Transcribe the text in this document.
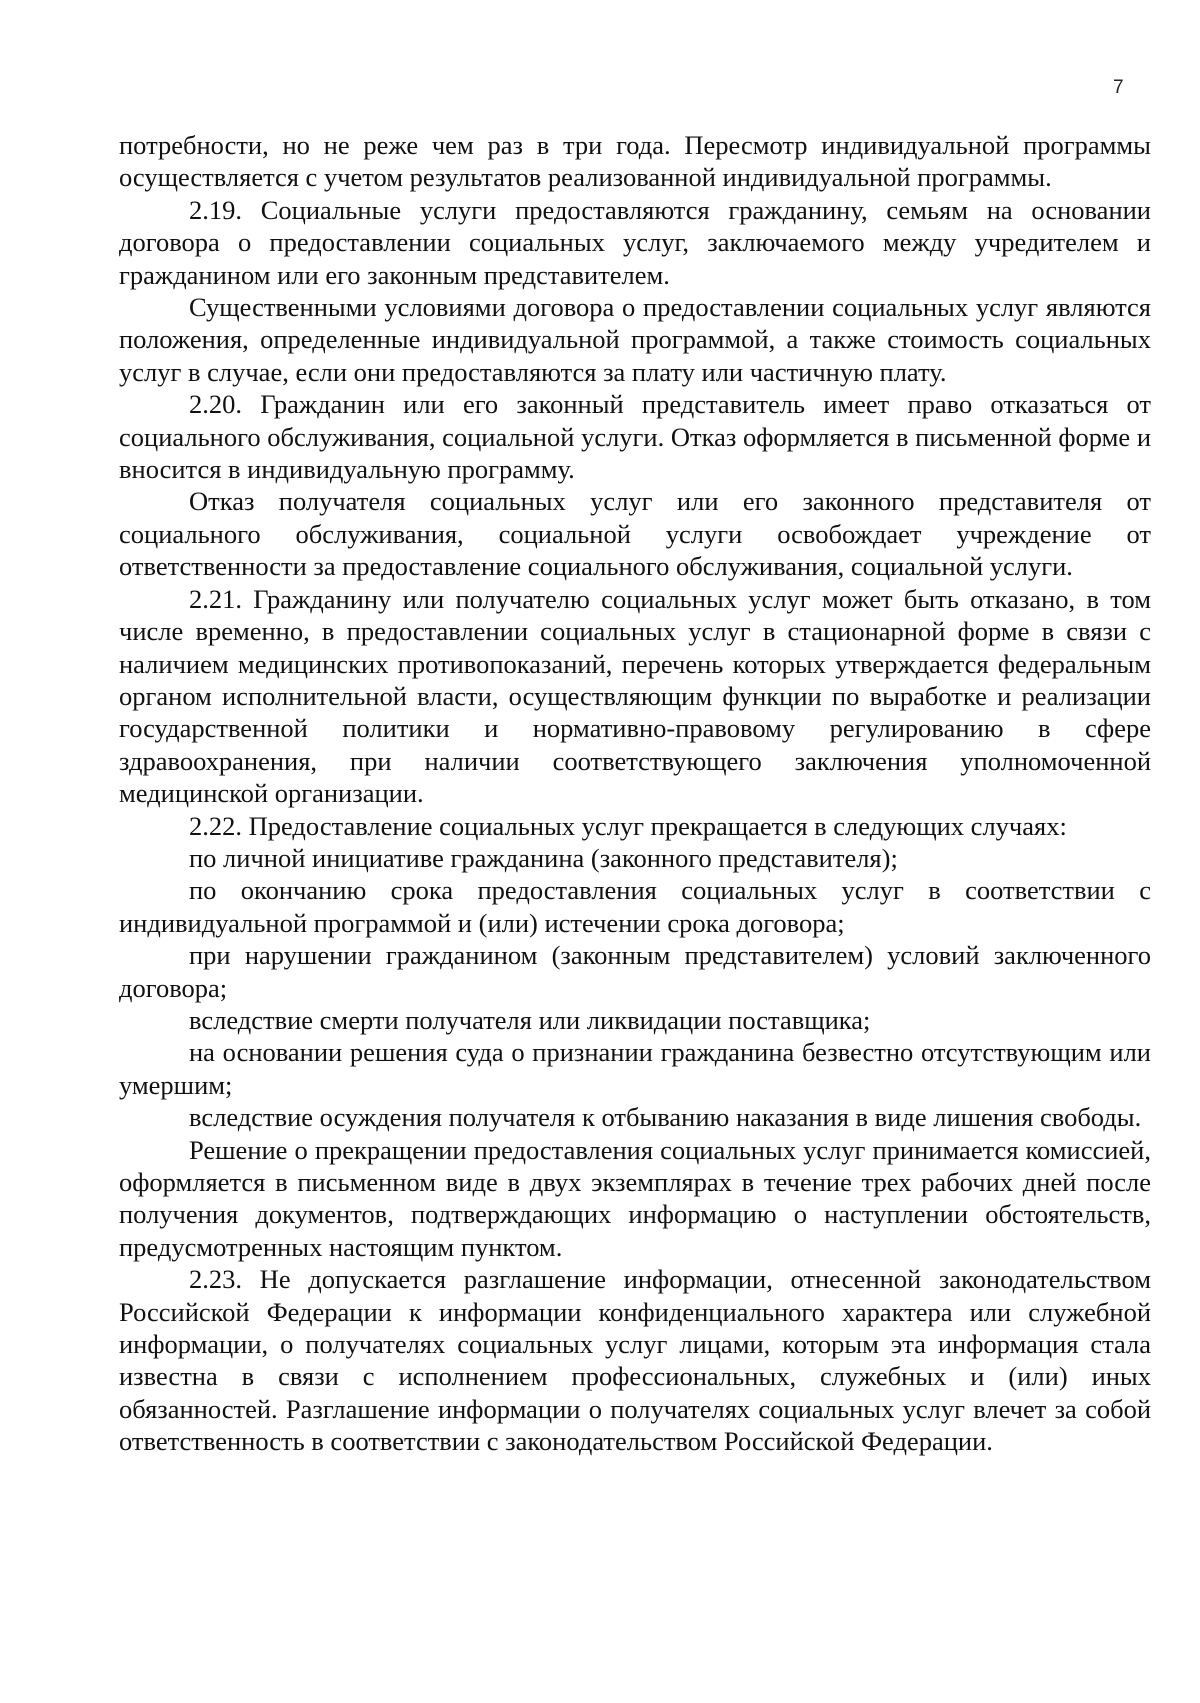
7

потребности, но не реже чем раз в три года. Пересмотр индивидуальной программы осуществляется с учетом результатов реализованной индивидуальной программы.

2.19. Социальные услуги предоставляются гражданину, семьям на основании договора о предоставлении социальных услуг, заключаемого между учредителем и гражданином или его законным представителем.

Существенными условиями договора о предоставлении социальных услуг являются положения, определенные индивидуальной программой, а также стоимость социальных услуг в случае, если они предоставляются за плату или частичную плату.

2.20. Гражданин или его законный представитель имеет право отказаться от социального обслуживания, социальной услуги. Отказ оформляется в письменной форме и вносится в индивидуальную программу.

Отказ получателя социальных услуг или его законного представителя от социального обслуживания, социальной услуги освобождает учреждение от ответственности за предоставление социального обслуживания, социальной услуги.

2.21. Гражданину или получателю социальных услуг может быть отказано, в том числе временно, в предоставлении социальных услуг в стационарной форме в связи с наличием медицинских противопоказаний, перечень которых утверждается федеральным органом исполнительной власти, осуществляющим функции по выработке и реализации государственной политики и нормативно-правовому регулированию в сфере здравоохранения, при наличии соответствующего заключения уполномоченной медицинской организации.

2.22. Предоставление социальных услуг прекращается в следующих случаях:

по личной инициативе гражданина (законного представителя);

по окончанию срока предоставления социальных услуг в соответствии с индивидуальной программой и (или) истечении срока договора;

при нарушении гражданином (законным представителем) условий заключенного договора;

вследствие смерти получателя или ликвидации поставщика;

на основании решения суда о признании гражданина безвестно отсутствующим или умершим;

вследствие осуждения получателя к отбыванию наказания в виде лишения свободы.

Решение о прекращении предоставления социальных услуг принимается комиссией, оформляется в письменном виде в двух экземплярах в течение трех рабочих дней после получения документов, подтверждающих информацию о наступлении обстоятельств, предусмотренных настоящим пунктом.

2.23. Не допускается разглашение информации, отнесенной законодательством Российской Федерации к информации конфиденциального характера или служебной информации, о получателях социальных услуг лицами, которым эта информация стала известна в связи с исполнением профессиональных, служебных и (или) иных обязанностей. Разглашение информации о получателях социальных услуг влечет за собой ответственность в соответствии с законодательством Российской Федерации.
